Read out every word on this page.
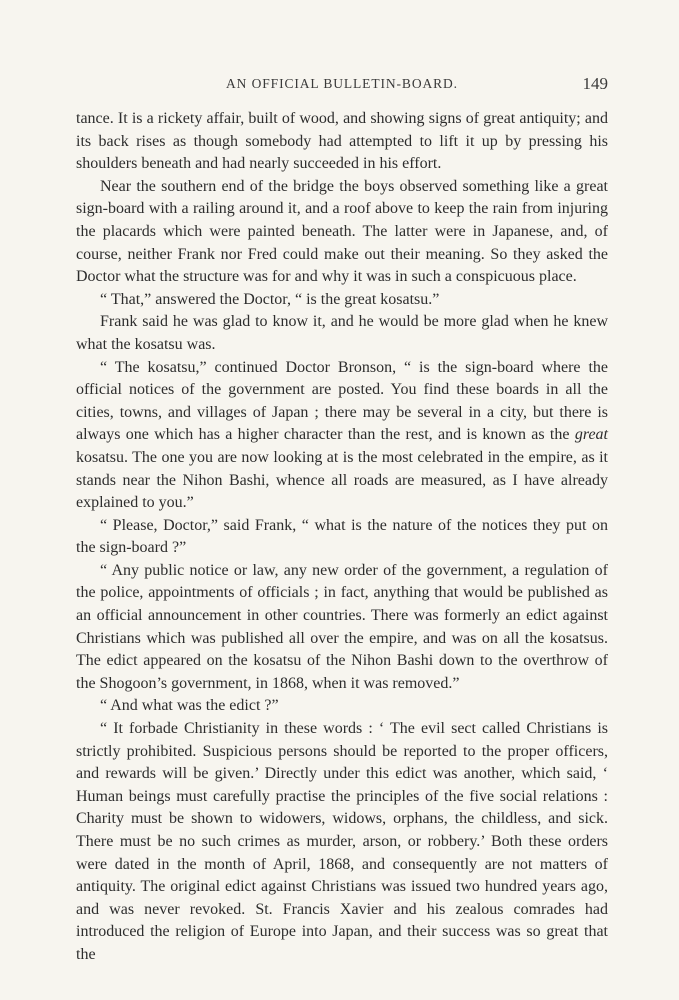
AN OFFICIAL BULLETIN-BOARD.	149

tance. It is a rickety affair, built of wood, and showing signs of great antiquity; and its back rises as though somebody had attempted to lift it up by pressing his shoulders beneath and had nearly succeeded in his effort.

Near the southern end of the bridge the boys observed something like a great sign-board with a railing around it, and a roof above to keep the rain from injuring the placards which were painted beneath. The latter were in Japanese, and, of course, neither Frank nor Fred could make out their meaning. So they asked the Doctor what the structure was for and why it was in such a conspicuous place.

“ That,” answered the Doctor, “ is the great kosatsu.”

Frank said he was glad to know it, and he would be more glad when he knew what the kosatsu was.

“ The kosatsu,” continued Doctor Bronson, “ is the sign-board where the official notices of the government are posted. You find these boards in all the cities, towns, and villages of Japan ; there may be several in a city, but there is always one which has a higher character than the rest, and is known as the great kosatsu. The one you are now looking at is the most celebrated in the empire, as it stands near the Nihon Bashi, whence all roads are measured, as I have already explained to you.”

“ Please, Doctor,” said Frank, “ what is the nature of the notices they put on the sign-board ?”

“ Any public notice or law, any new order of the government, a regulation of the police, appointments of officials ; in fact, anything that would be published as an official announcement in other countries. There was formerly an edict against Christians which was published all over the empire, and was on all the kosatsus. The edict appeared on the kosatsu of the Nihon Bashi down to the overthrow of the Shogoon’s government, in 1868, when it was removed.”

“ And what was the edict ?”

“ It forbade Christianity in these words : ‘ The evil sect called Christians is strictly prohibited. Suspicious persons should be reported to the proper officers, and rewards will be given.’ Directly under this edict was another, which said, ‘ Human beings must carefully practise the principles of the five social relations : Charity must be shown to widowers, widows, orphans, the childless, and sick. There must be no such crimes as murder, arson, or robbery.’ Both these orders were dated in the month of April, 1868, and consequently are not matters of antiquity. The original edict against Christians was issued two hundred years ago, and was never revoked. St. Francis Xavier and his zealous comrades had introduced the religion of Europe into Japan, and their success was so great that the
